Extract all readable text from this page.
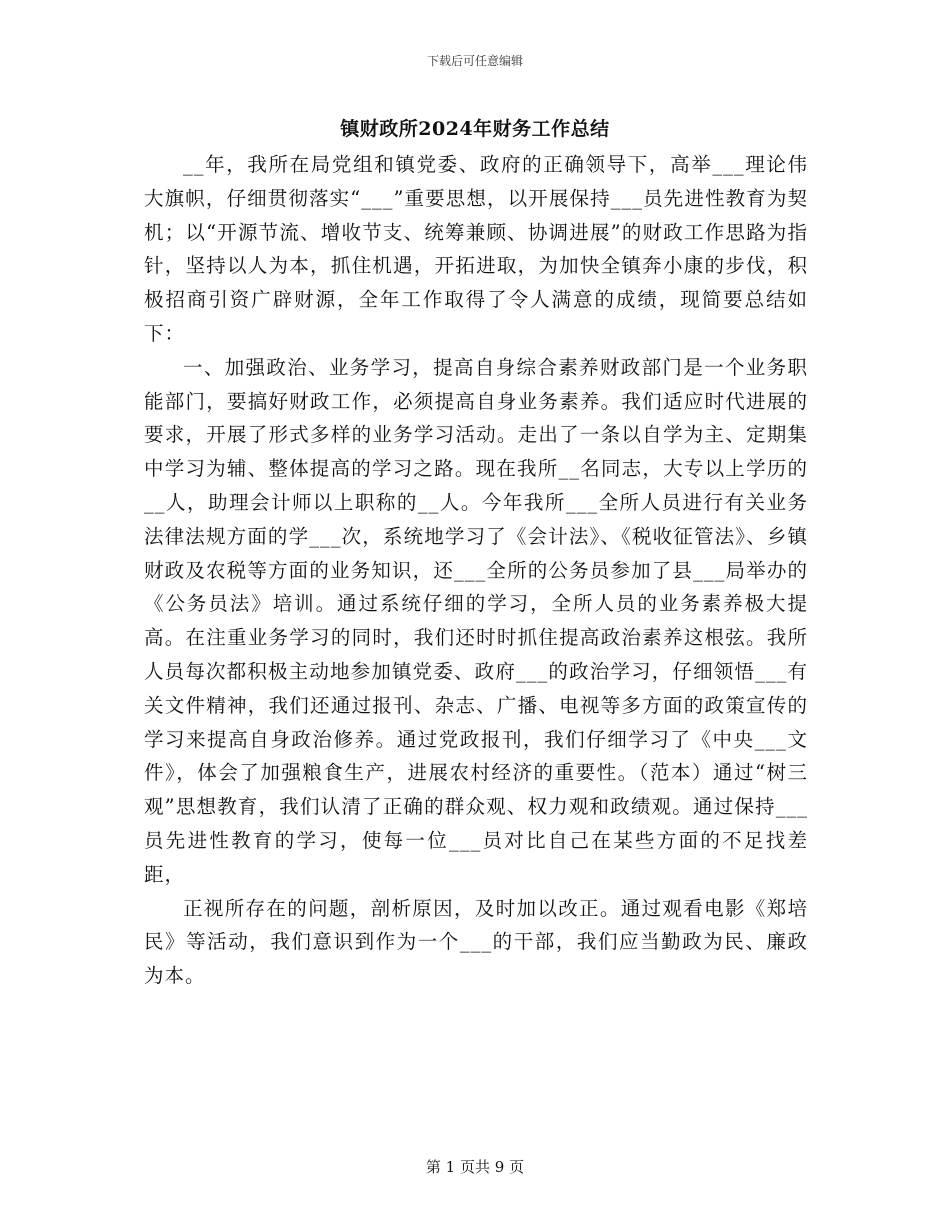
下载后可任意编辑
镇财政所2024年财务工作总结

__年，我所在局党组和镇党委、政府的正确领导下，高举___理论伟大旗帜，仔细贯彻落实“___”重要思想，以开展保持___员先进性教育为契机；以“开源节流、增收节支、统筹兼顾、协调进展”的财政工作思路为指针，坚持以人为本，抓住机遇，开拓进取，为加快全镇奔小康的步伐，积极招商引资广辟财源，全年工作取得了令人满意的成绩，现简要总结如下：

一、加强政治、业务学习，提高自身综合素养财政部门是一个业务职能部门，要搞好财政工作，必须提高自身业务素养。我们适应时代进展的要求，开展了形式多样的业务学习活动。走出了一条以自学为主、定期集中学习为辅、整体提高的学习之路。现在我所__名同志，大专以上学历的__人，助理会计师以上职称的__人。今年我所___全所人员进行有关业务法律法规方面的学___次，系统地学习了《会计法》、《税收征管法》、乡镇财政及农税等方面的业务知识，还___全所的公务员参加了县___局举办的《公务员法》培训。通过系统仔细的学习，全所人员的业务素养极大提高。在注重业务学习的同时，我们还时时抓住提高政治素养这根弦。我所人员每次都积极主动地参加镇党委、政府___的政治学习，仔细领悟___有关文件精神，我们还通过报刊、杂志、广播、电视等多方面的政策宣传的学习来提高自身政治修养。通过党政报刊，我们仔细学习了《中央___文件》，体会了加强粮食生产，进展农村经济的重要性。（范本）通过“树三观”思想教育，我们认清了正确的群众观、权力观和政绩观。通过保持___员先进性教育的学习，使每一位___员对比自己在某些方面的不足找差距，

正视所存在的问题，剖析原因，及时加以改正。通过观看电影《郑培民》等活动，我们意识到作为一个___的干部，我们应当勤政为民、廉政为本。

第 1 页共 9 页
